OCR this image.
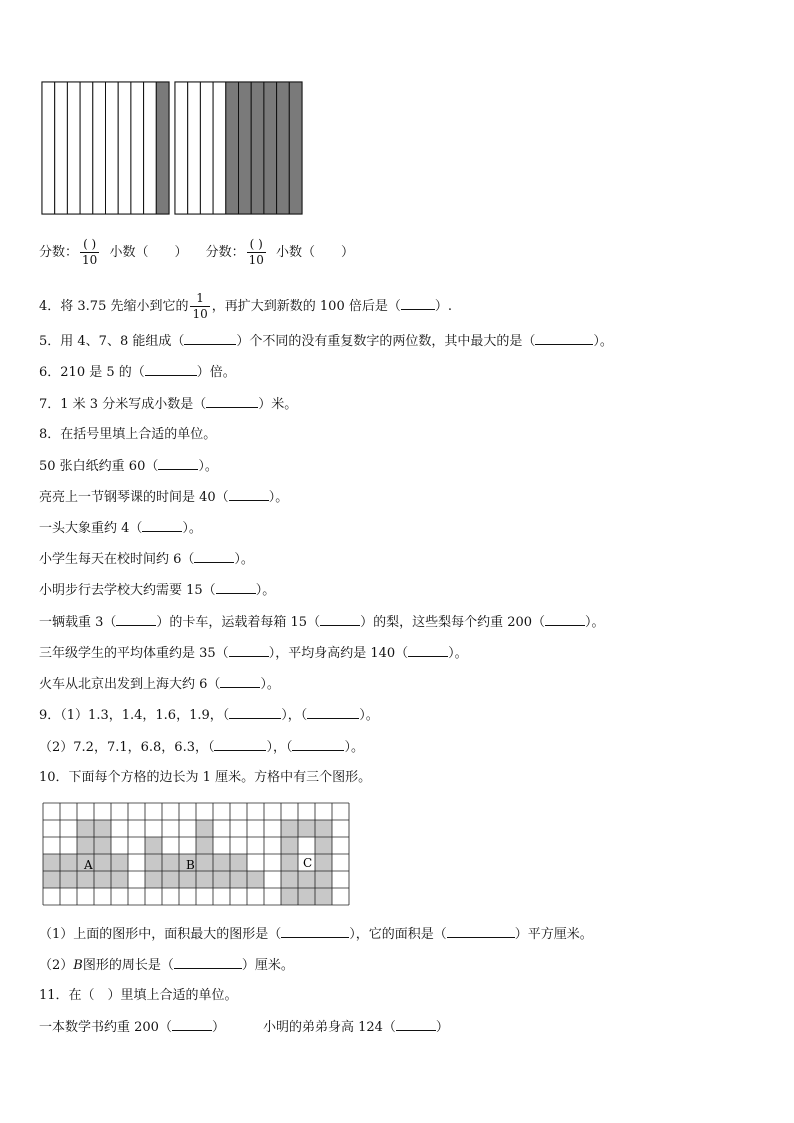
分数： $\frac{( )}{10}$ 小数（　　） 分数： $\frac{( )}{10}$ 小数（　　）
4．将 3.75 先缩小到它的 $\frac{1}{10}$ ，再扩大到新数的 100 倍后是（	）.
5．用 4、7、8 能组成（	）个不同的没有重复数字的两位数，其中最大的是（	）。
6．210 是 5 的（	）倍。
7．1 米 3 分米写成小数是（	）米。
8．在括号里填上合适的单位。
50 张白纸约重 60（	）。
亮亮上一节钢琴课的时间是 40（	）。
一头大象重约 4（	）。
小学生每天在校时间约 6（	）。
小明步行去学校大约需要 15（	）。
一辆载重 3（	）的卡车，运载着每箱 15（	）的梨，这些梨每个约重 200（	）。
三年级学生的平均体重约是 35（	），平均身高约是 140（	）。
火车从北京出发到上海大约 6（	）。
9．（1）1.3，1.4，1.6，1.9，（	），（	）。
（2）7.2，7.1，6.8，6.3，（	），（	）。
10．下面每个方格的边长为 1 厘米。方格中有三个图形。
A	B	C
（1）上面的图形中，面积最大的图形是（	），它的面积是（	）平方厘米。
（2）B图形的周长是（	）厘米。
11．在（　）里填上合适的单位。
一本数学书约重 200（	）	小明的弟弟身高 124（	）
